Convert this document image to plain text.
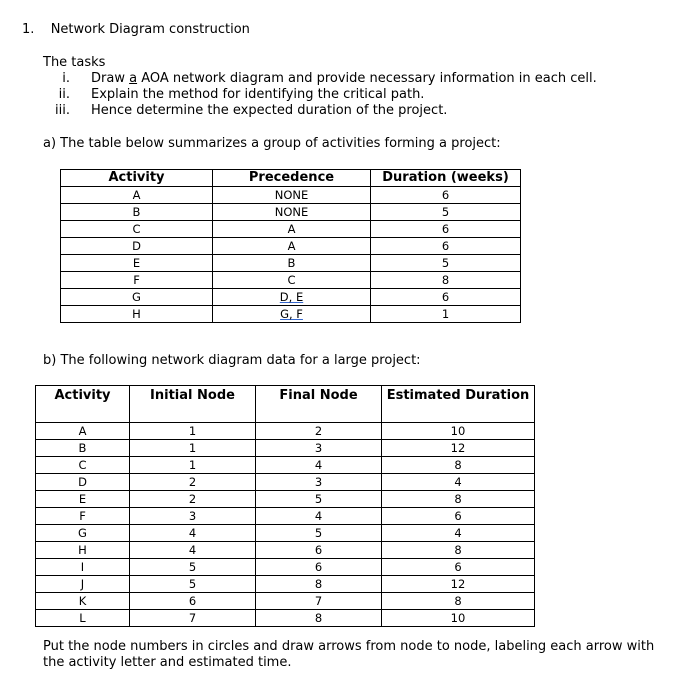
1. Network Diagram construction
The tasks
i. Draw a AOA network diagram and provide necessary information in each cell.
ii. Explain the method for identifying the critical path.
iii. Hence determine the expected duration of the project.
a) The table below summarizes a group of activities forming a project:
Activity	Precedence	Duration (weeks)
A	NONE	6
B	NONE	5
C	A	6
D	A	6
E	B	5
F	C	8
G	D, E	6
H	G, F	1
b) The following network diagram data for a large project:
Activity	Initial Node	Final Node	Estimated Duration
A	1	2	10
B	1	3	12
C	1	4	8
D	2	3	4
E	2	5	8
F	3	4	6
G	4	5	4
H	4	6	8
I	5	6	6
J	5	8	12
K	6	7	8
L	7	8	10
Put the node numbers in circles and draw arrows from node to node, labeling each arrow with the activity letter and estimated time.
